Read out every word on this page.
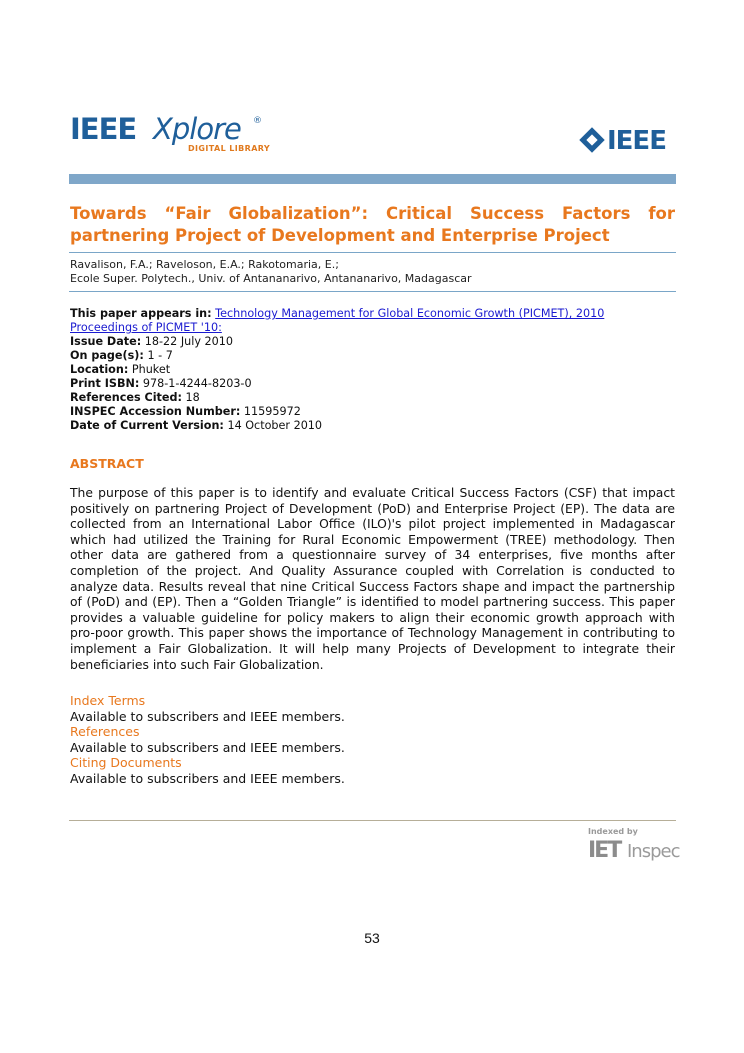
IEEE Xplore ®
DIGITAL LIBRARY	IEEE
Towards “Fair Globalization”: Critical Success Factors for partnering Project of Development and Enterprise Project
Ravalison, F.A.; Raveloson, E.A.; Rakotomaria, E.;
Ecole Super. Polytech., Univ. of Antananarivo, Antananarivo, Madagascar
This paper appears in: Technology Management for Global Economic Growth (PICMET), 2010 Proceedings of PICMET '10:
Issue Date: 18-22 July 2010
On page(s): 1 - 7
Location: Phuket
Print ISBN: 978-1-4244-8203-0
References Cited: 18
INSPEC Accession Number: 11595972
Date of Current Version: 14 October 2010
ABSTRACT

The purpose of this paper is to identify and evaluate Critical Success Factors (CSF) that impact positively on partnering Project of Development (PoD) and Enterprise Project (EP). The data are collected from an International Labor Office (ILO)'s pilot project implemented in Madagascar which had utilized the Training for Rural Economic Empowerment (TREE) methodology. Then other data are gathered from a questionnaire survey of 34 enterprises, five months after completion of the project. And Quality Assurance coupled with Correlation is conducted to analyze data. Results reveal that nine Critical Success Factors shape and impact the partnership of (PoD) and (EP). Then a “Golden Triangle” is identified to model partnering success. This paper provides a valuable guideline for policy makers to align their economic growth approach with pro-poor growth. This paper shows the importance of Technology Management in contributing to implement a Fair Globalization. It will help many Projects of Development to integrate their beneficiaries into such Fair Globalization.

Index Terms
Available to subscribers and IEEE members.
References
Available to subscribers and IEEE members.
Citing Documents
Available to subscribers and IEEE members.
Indexed by
IET Inspec
53
